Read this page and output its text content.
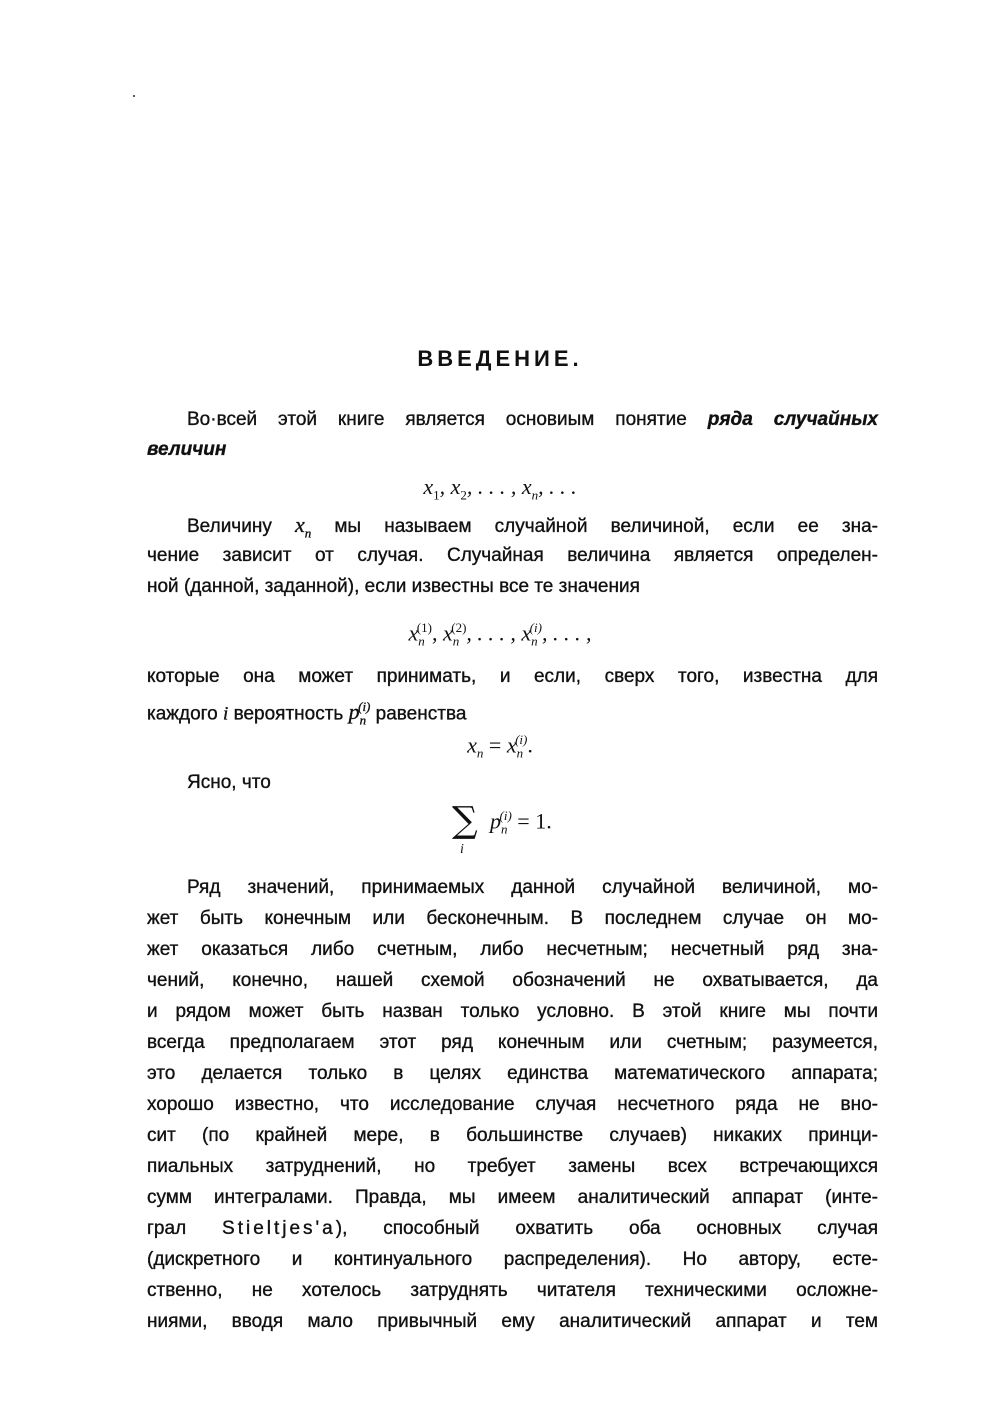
ВВЕДЕНИЕ.
Во·всей этой книге является основиым понятие ряда случайных
величин
$x_1$, $x_2$, . . . , $x_n$, . . .
Величину $x_n$ мы называем случайной величиной, если ее зна-
чение зависит от случая. Случайная величина является определен-
ной (данной, заданной), если известны все те значения
$x_n^{(1)}$, $x_n^{(2)}$, . . . , $x_n^{(i)}$, . . . ,
которые она может принимать, и если, сверх того, известна для
каждого i вероятность $p_n^{(i)}$ равенства
$x_n = x_n^{(i)}$.
Ясно, что
∑
i
$p_n^{(i)} = 1$.
Ряд значений, принимаемых данной случайной величиной, мо-
жет быть конечным или бесконечным. В последнем случае он мо-
жет оказаться либо счетным, либо несчетным; несчетный ряд зна-
чений, конечно, нашей схемой обозначений не охватывается, да
и рядом может быть назван только условно. В этой книге мы почти
всегда предполагаем этот ряд конечным или счетным; разумеется,
это делается только в целях единства математического аппарата;
хорошо известно, что исследование случая несчетного ряда не вно-
сит (по крайней мере, в большинстве случаев) никаких принци-
пиальных затруднений, но требует замены всех встречающихся
сумм интегралами. Правда, мы имеем аналитический аппарат (инте-
грал Stieltjes'a), способный охватить оба основных случая
(дискретного и континуального распределения). Но автору, есте-
ственно, не хотелось затруднять читателя техническими осложне-
ниями, вводя мало привычный ему аналитический аппарат и тем
